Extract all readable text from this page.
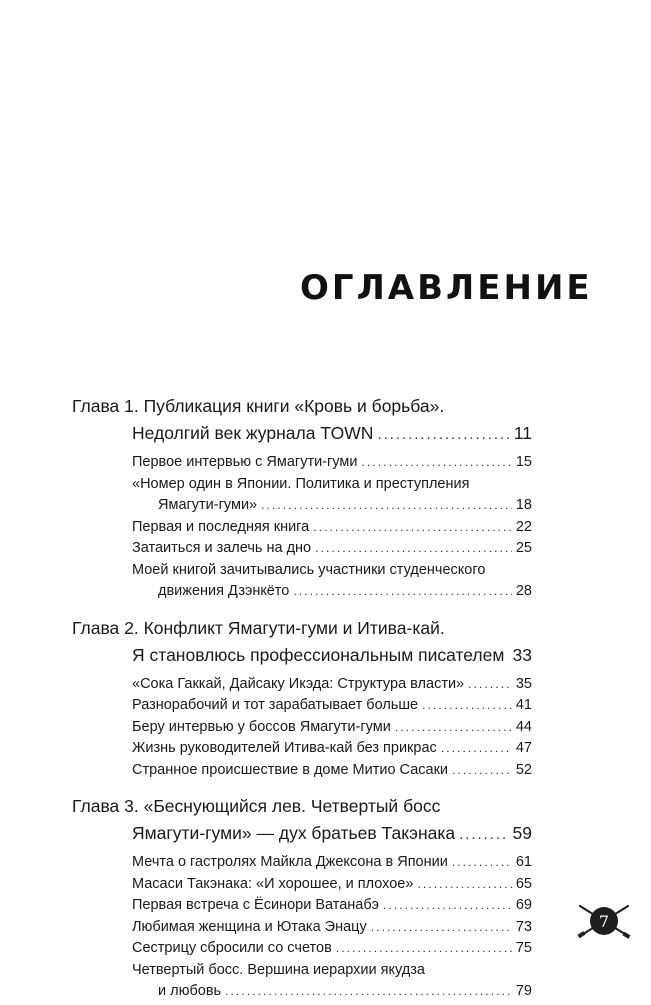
ОГЛАВЛЕНИЕ
Глава 1. Публикация книги «Кровь и борьба».
Недолгий век журнала TOWN .....	11
Первое интервью с Ямагути-гуми .....	15
«Номер один в Японии. Политика и преступления
Ямагути-гуми» .....	18
Первая и последняя книга .....	22
Затаиться и залечь на дно .....	25
Моей книгой зачитывались участники студенческого
движения Дзэнкёто .....	28
Глава 2. Конфликт Ямагути-гуми и Итива-кай.
Я становлюсь профессиональным писателем ..... 33
«Сока Гаккай, Дайсаку Икэда: Структура власти» .....	35
Разнорабочий и тот зарабатывает больше .....	41
Беру интервью у боссов Ямагути-гуми .....	44
Жизнь руководителей Итива-кай без прикрас .....	47
Странное происшествие в доме Митио Сасаки .....	52
Глава 3. «Беснующийся лев. Четвертый босс
Ямагути-гуми» — дух братьев Такэнака .....	59
Мечта о гастролях Майкла Джексона в Японии .....	61
Масаси Такэнака: «И хорошее, и плохое» .....	65
Первая встреча с Ёсинори Ватанабэ .....	69
Любимая женщина и Ютака Энацу .....	73
Сестрицу сбросили со счетов .....	75
Четвертый босс. Вершина иерархии якудза
и любовь .....	79
7
